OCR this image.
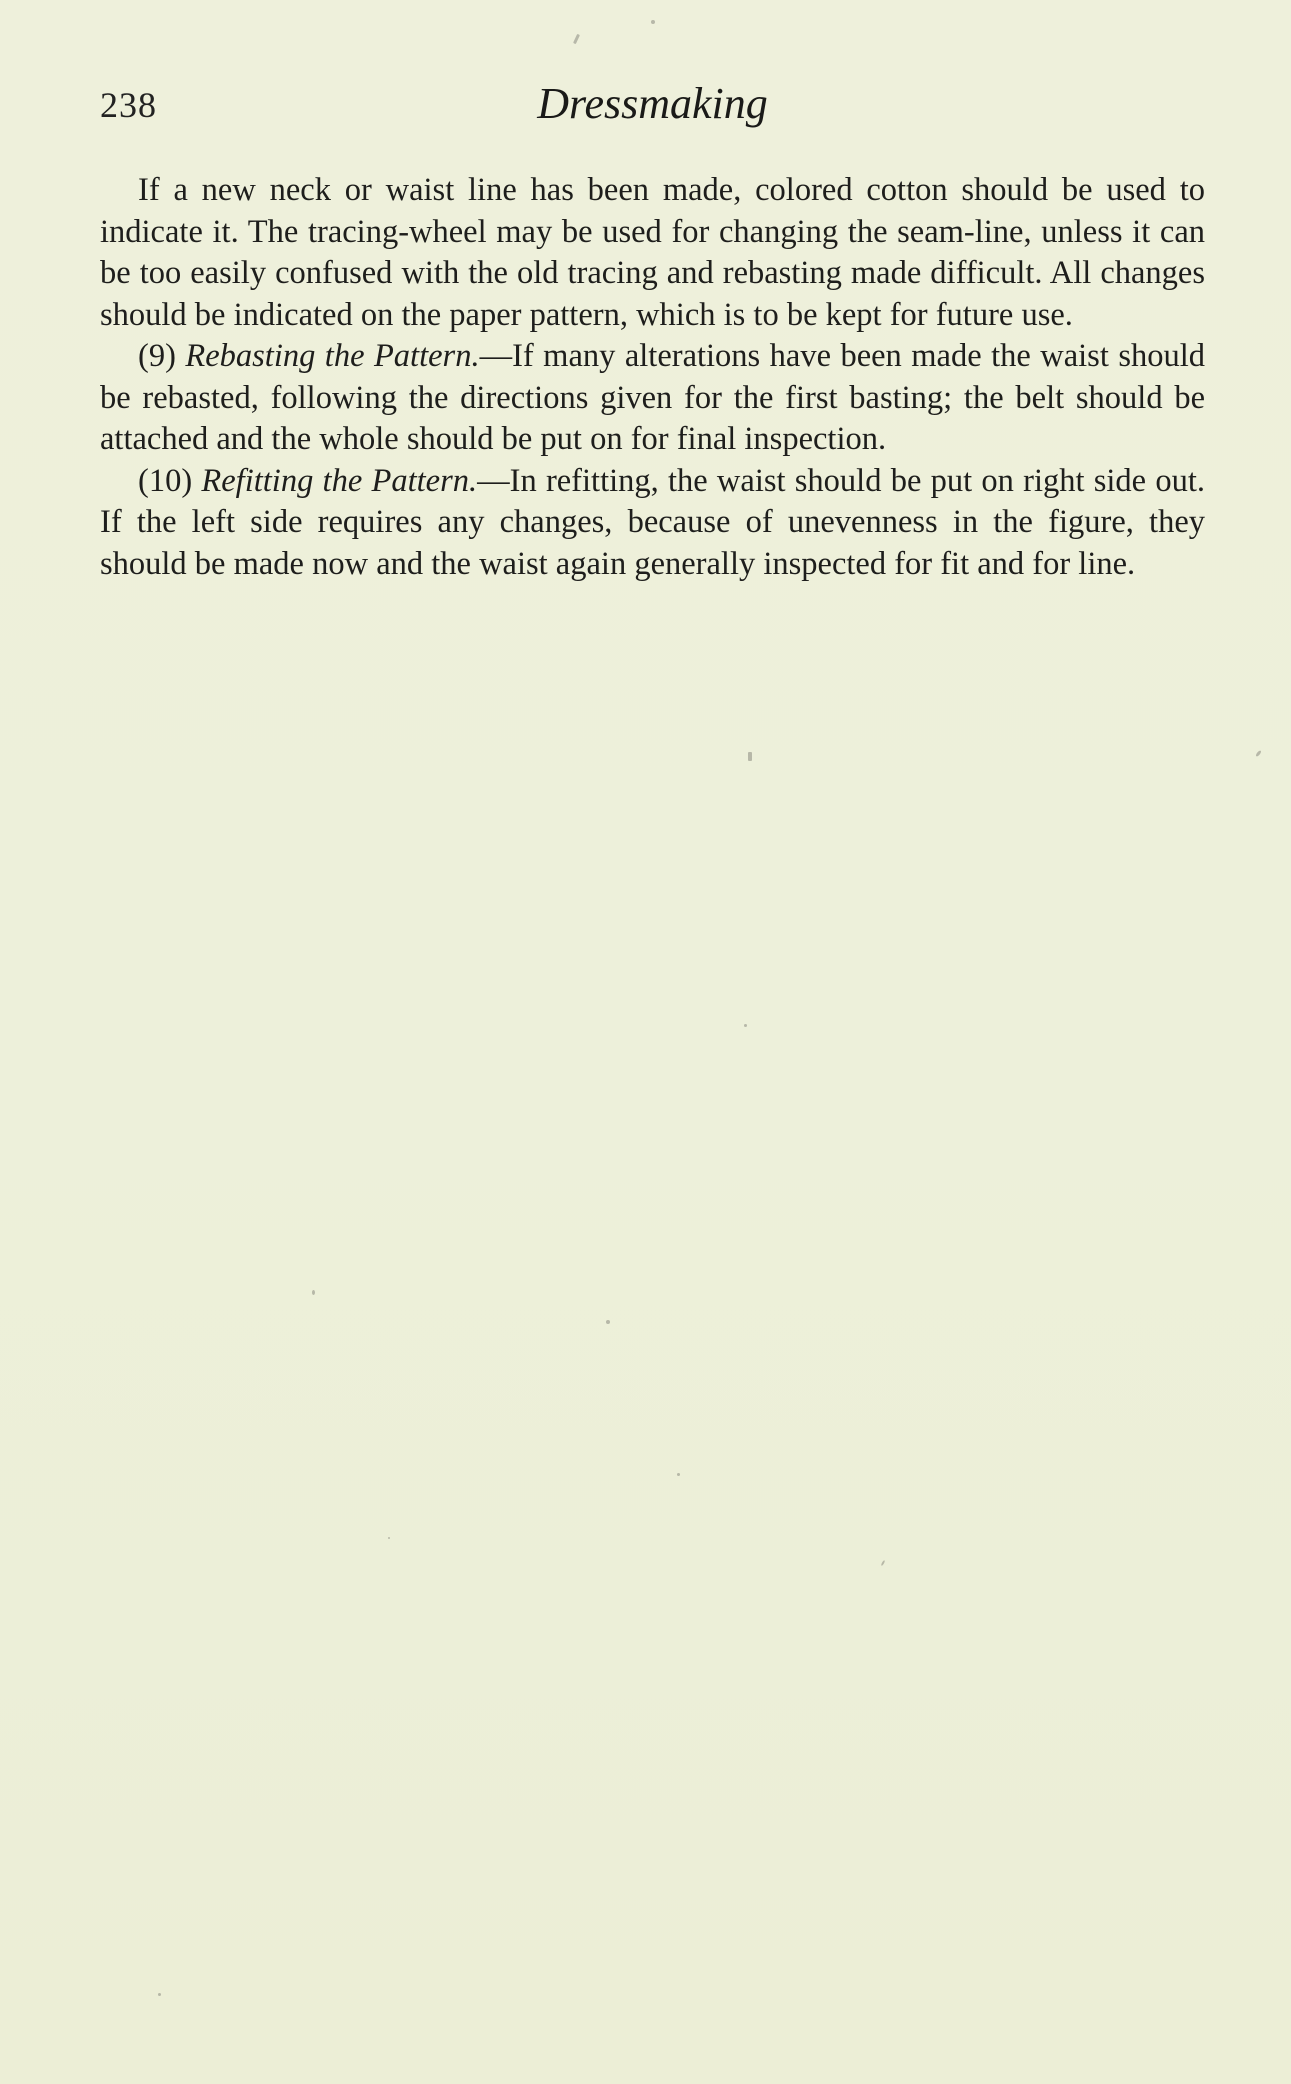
238	Dressmaking

If a new neck or waist line has been made, colored cotton should be used to indicate it. The tracing-wheel may be used for changing the seam-line, unless it can be too easily confused with the old tracing and rebasting made difficult. All changes should be indicated on the paper pattern, which is to be kept for future use.

(9) Rebasting the Pattern.—If many alterations have been made the waist should be rebasted, following the directions given for the first basting; the belt should be attached and the whole should be put on for final inspection.

(10) Refitting the Pattern.—In refitting, the waist should be put on right side out. If the left side requires any changes, because of unevenness in the figure, they should be made now and the waist again generally inspected for fit and for line.
